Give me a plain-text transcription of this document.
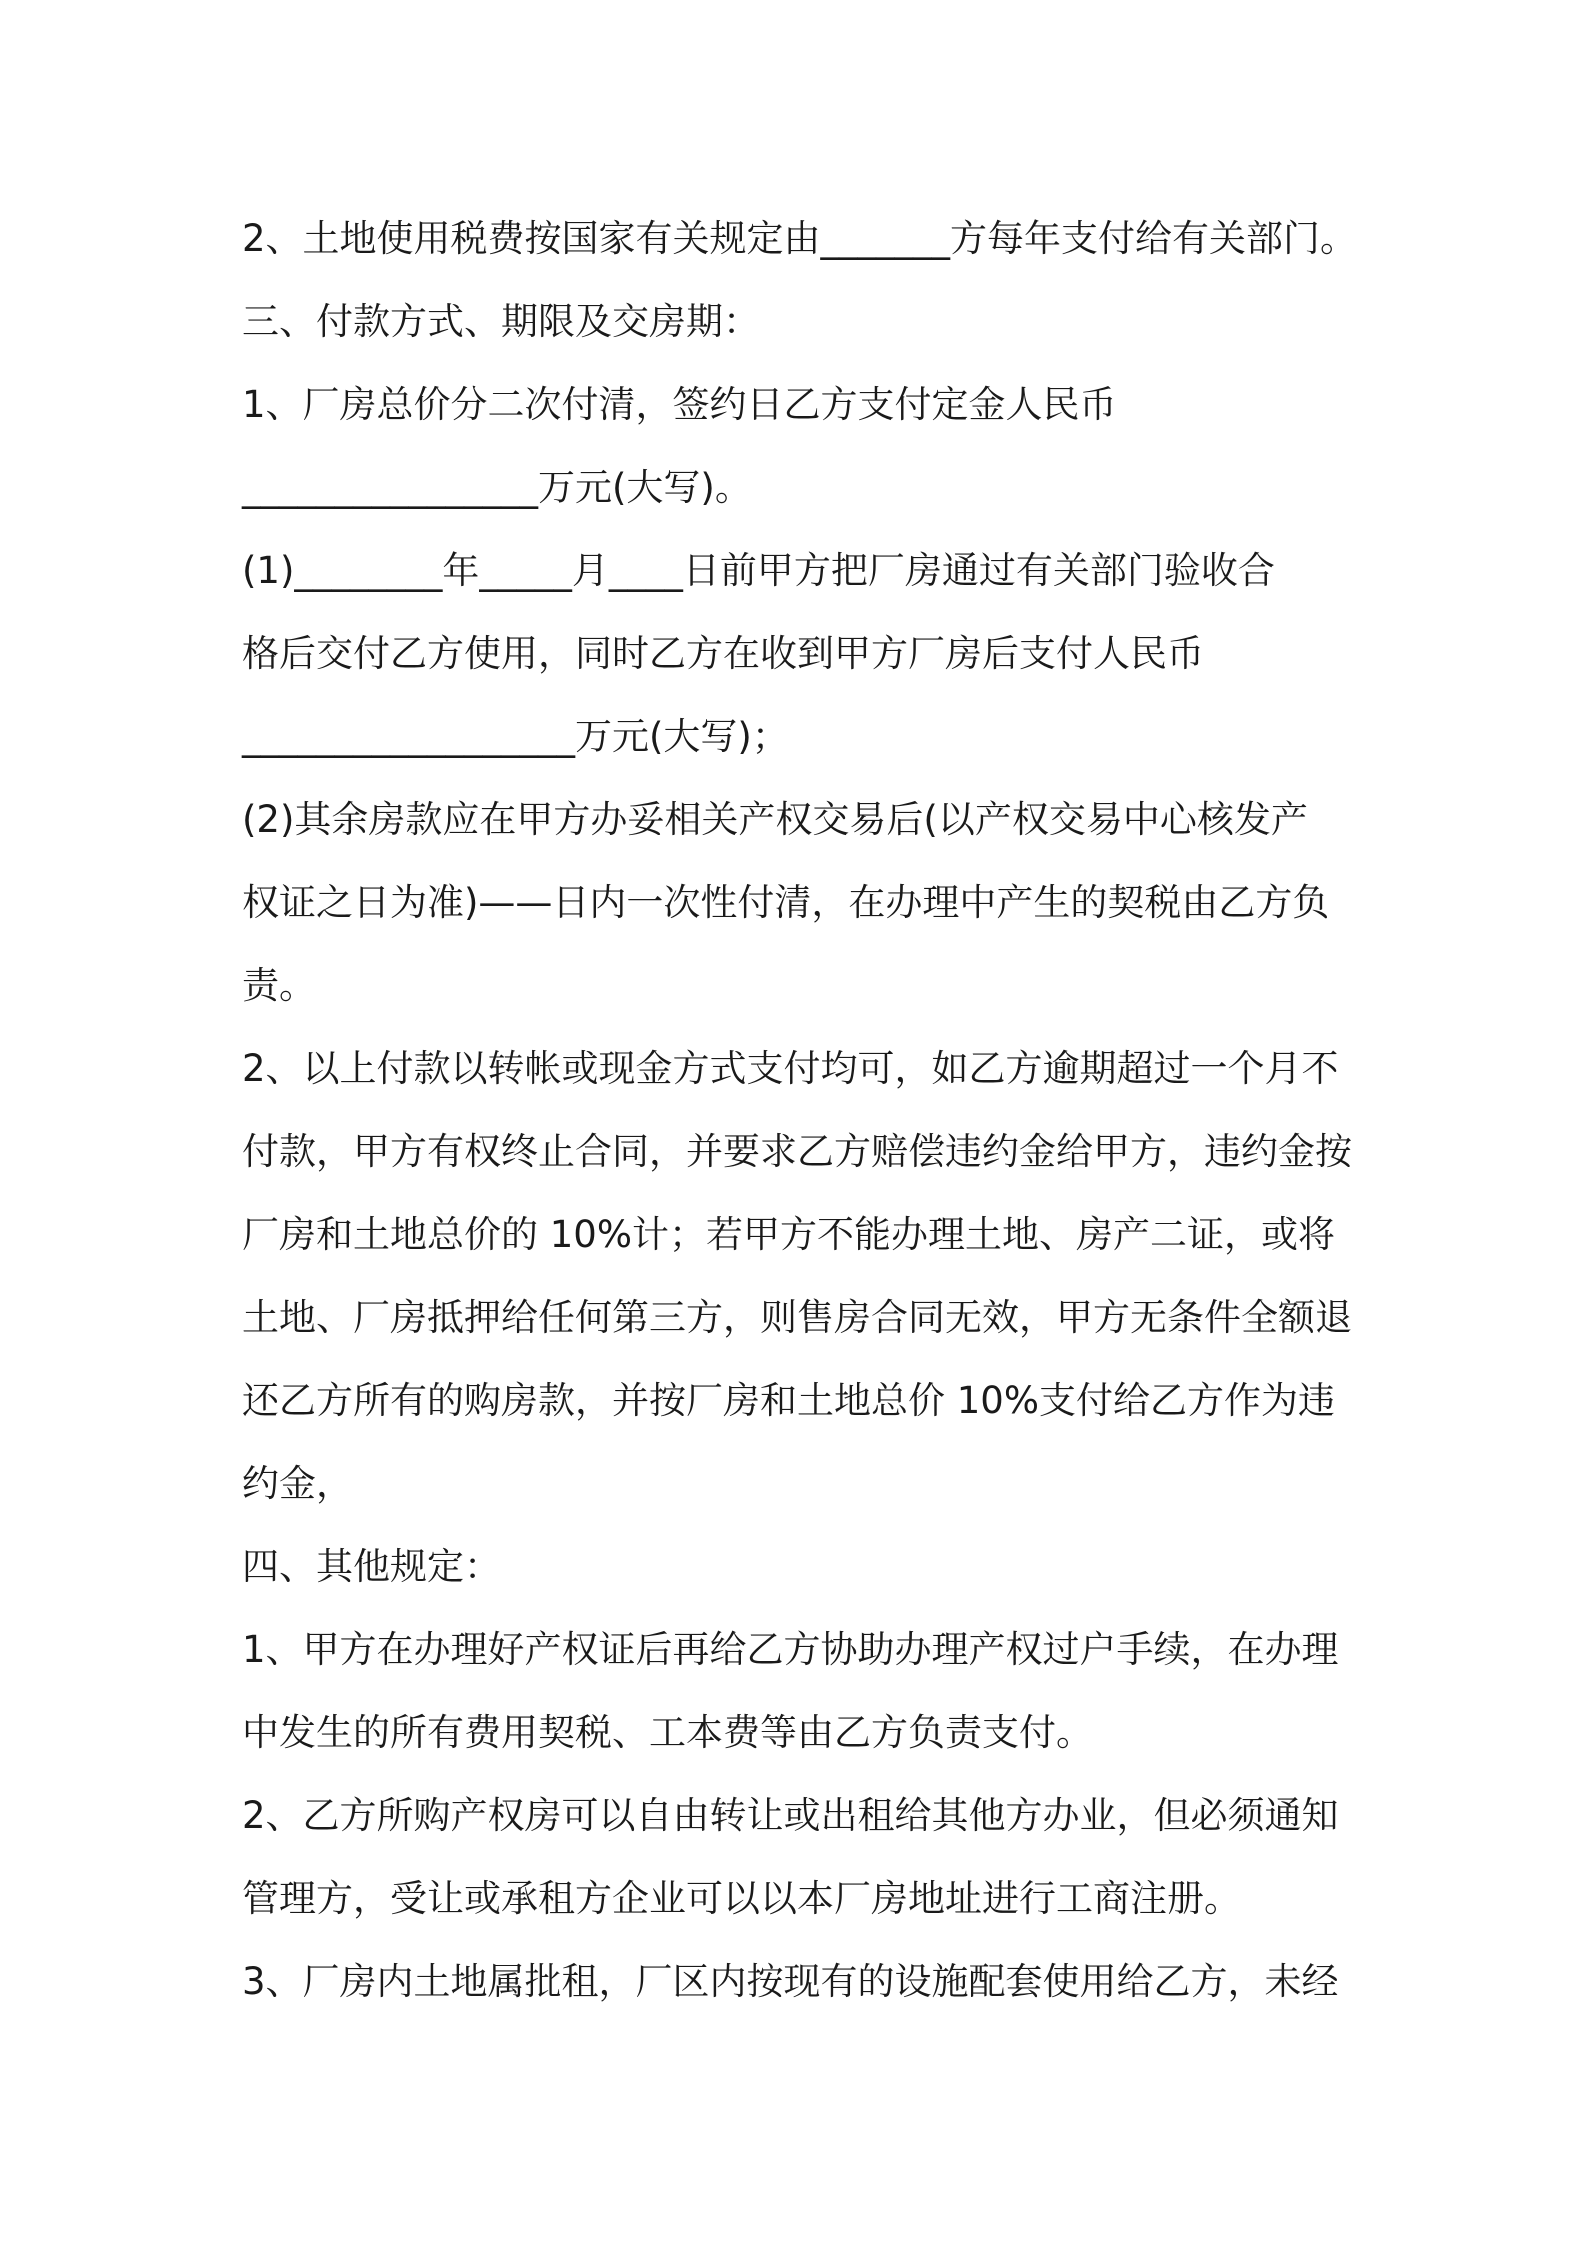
2、土地使用税费按国家有关规定由_______方每年支付给有关部门。
三、付款方式、期限及交房期：
1、厂房总价分二次付清，签约日乙方支付定金人民币
________________万元(大写)。
(1)________年_____月____日前甲方把厂房通过有关部门验收合
格后交付乙方使用，同时乙方在收到甲方厂房后支付人民币
__________________万元(大写)；
(2)其余房款应在甲方办妥相关产权交易后(以产权交易中心核发产
权证之日为准)——日内一次性付清，在办理中产生的契税由乙方负
责。
2、以上付款以转帐或现金方式支付均可，如乙方逾期超过一个月不
付款，甲方有权终止合同，并要求乙方赔偿违约金给甲方，违约金按
厂房和土地总价的 10%计；若甲方不能办理土地、房产二证，或将
土地、厂房抵押给任何第三方，则售房合同无效，甲方无条件全额退
还乙方所有的购房款，并按厂房和土地总价 10%支付给乙方作为违
约金，
四、其他规定：
1、甲方在办理好产权证后再给乙方协助办理产权过户手续，在办理
中发生的所有费用契税、工本费等由乙方负责支付。
2、乙方所购产权房可以自由转让或出租给其他方办业，但必须通知
管理方，受让或承租方企业可以以本厂房地址进行工商注册。
3、厂房内土地属批租，厂区内按现有的设施配套使用给乙方，未经
